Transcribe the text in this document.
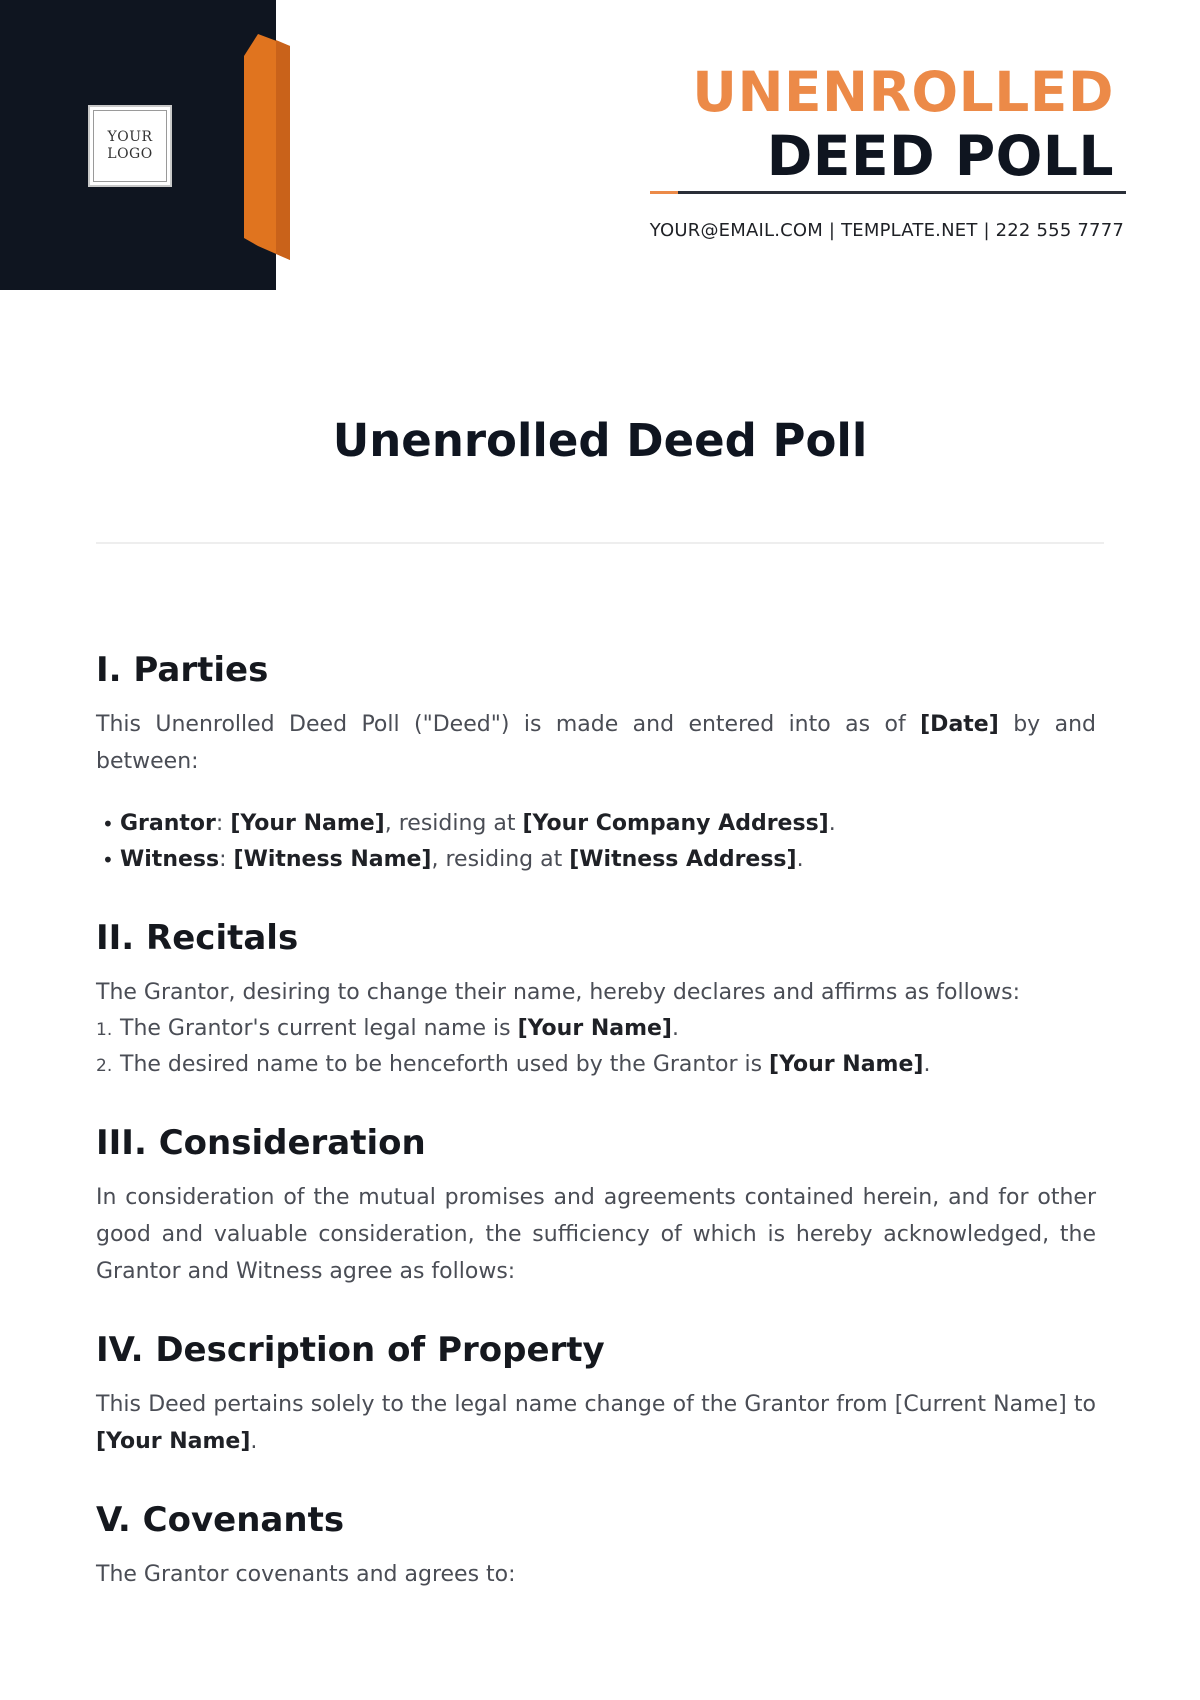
YOUR
LOGO
UNENROLLED
DEED POLL
YOUR@EMAIL.COM | TEMPLATE.NET | 222 555 7777
Unenrolled Deed Poll
I. Parties

This Unenrolled Deed Poll ("Deed") is made and entered into as of [Date] by and between:

• Grantor: [Your Name], residing at [Your Company Address].
• Witness: [Witness Name], residing at [Witness Address].
II. Recitals

The Grantor, desiring to change their name, hereby declares and affirms as follows:

1. The Grantor's current legal name is [Your Name].
2. The desired name to be henceforth used by the Grantor is [Your Name].
III. Consideration

In consideration of the mutual promises and agreements contained herein, and for other good and valuable consideration, the sufficiency of which is hereby acknowledged, the Grantor and Witness agree as follows:

IV. Description of Property

This Deed pertains solely to the legal name change of the Grantor from [Current Name] to [Your Name].

V. Covenants

The Grantor covenants and agrees to:
